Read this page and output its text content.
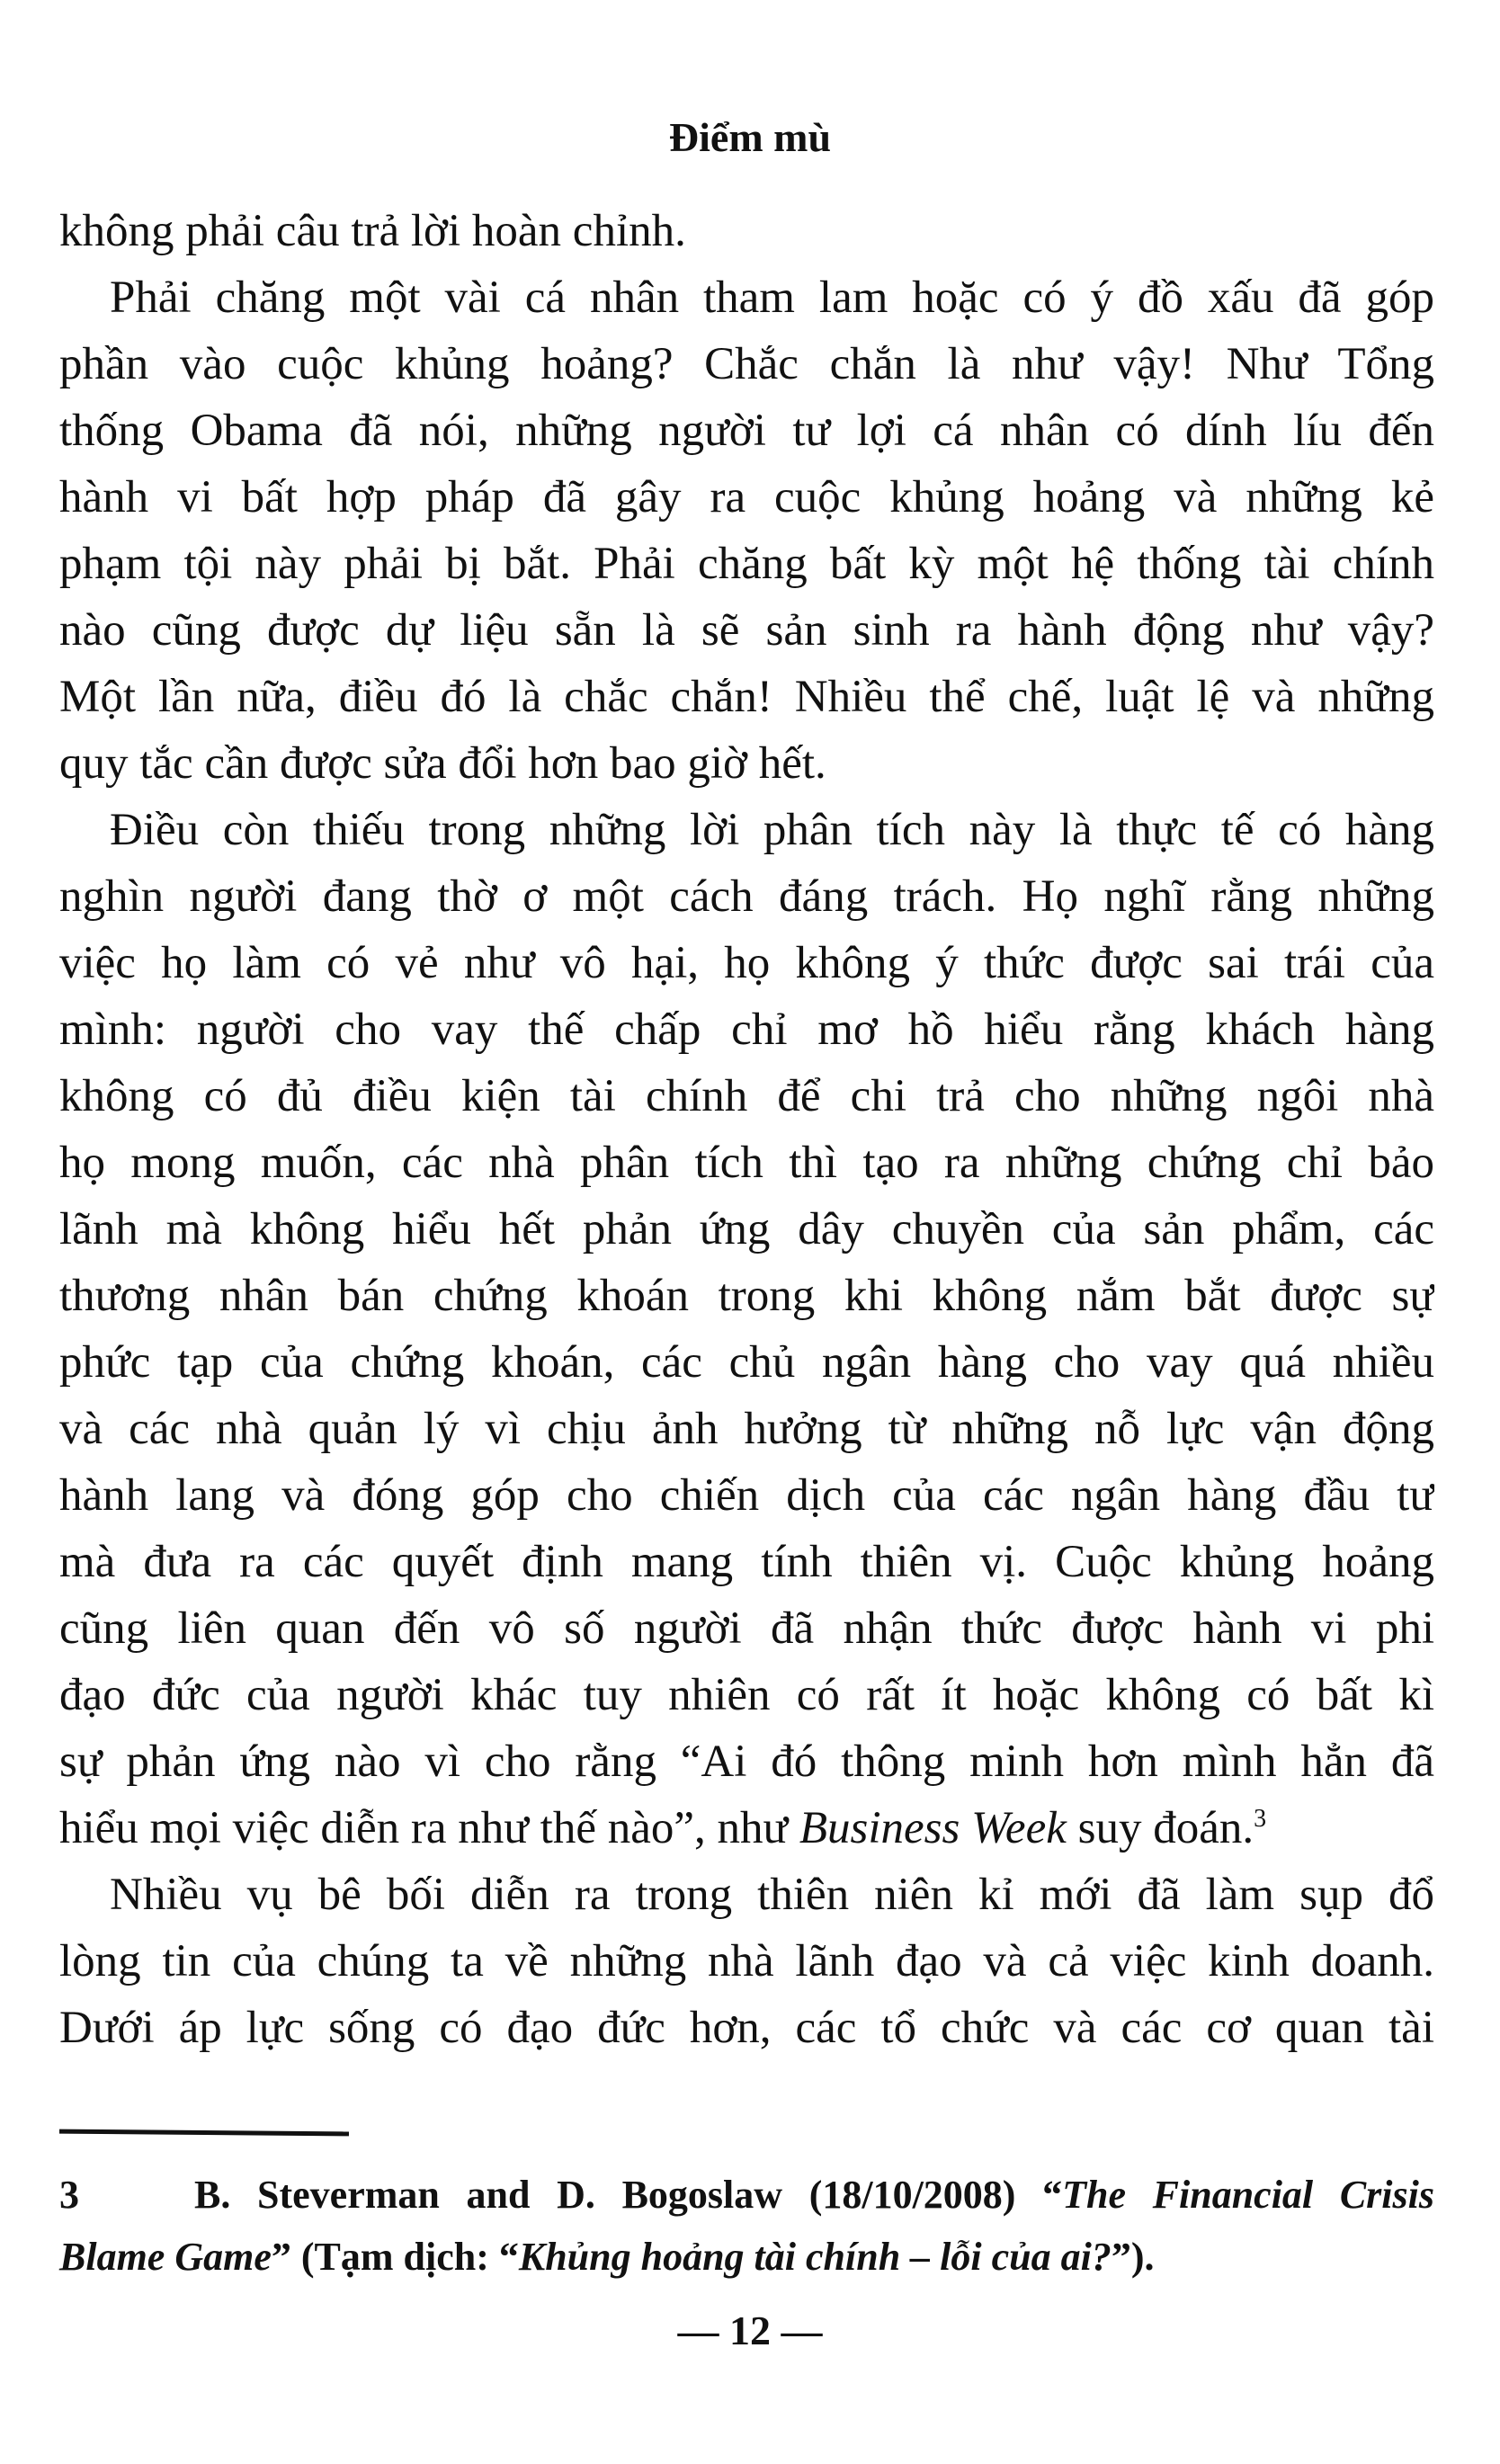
Điểm mù
không phải câu trả lời hoàn chỉnh.
Phải chăng một vài cá nhân tham lam hoặc có ý đồ xấu đã góp
phần vào cuộc khủng hoảng? Chắc chắn là như vậy! Như Tổng
thống Obama đã nói, những người tư lợi cá nhân có dính líu đến
hành vi bất hợp pháp đã gây ra cuộc khủng hoảng và những kẻ
phạm tội này phải bị bắt. Phải chăng bất kỳ một hệ thống tài chính
nào cũng được dự liệu sẵn là sẽ sản sinh ra hành động như vậy?
Một lần nữa, điều đó là chắc chắn! Nhiều thể chế, luật lệ và những
quy tắc cần được sửa đổi hơn bao giờ hết.
Điều còn thiếu trong những lời phân tích này là thực tế có hàng
nghìn người đang thờ ơ một cách đáng trách. Họ nghĩ rằng những
việc họ làm có vẻ như vô hại, họ không ý thức được sai trái của
mình: người cho vay thế chấp chỉ mơ hồ hiểu rằng khách hàng
không có đủ điều kiện tài chính để chi trả cho những ngôi nhà
họ mong muốn, các nhà phân tích thì tạo ra những chứng chỉ bảo
lãnh mà không hiểu hết phản ứng dây chuyền của sản phẩm, các
thương nhân bán chứng khoán trong khi không nắm bắt được sự
phức tạp của chứng khoán, các chủ ngân hàng cho vay quá nhiều
và các nhà quản lý vì chịu ảnh hưởng từ những nỗ lực vận động
hành lang và đóng góp cho chiến dịch của các ngân hàng đầu tư
mà đưa ra các quyết định mang tính thiên vị. Cuộc khủng hoảng
cũng liên quan đến vô số người đã nhận thức được hành vi phi
đạo đức của người khác tuy nhiên có rất ít hoặc không có bất kì
sự phản ứng nào vì cho rằng “Ai đó thông minh hơn mình hẳn đã
hiểu mọi việc diễn ra như thế nào”, như Business Week suy đoán.$^3$
Nhiều vụ bê bối diễn ra trong thiên niên kỉ mới đã làm sụp đổ
lòng tin của chúng ta về những nhà lãnh đạo và cả việc kinh doanh.
Dưới áp lực sống có đạo đức hơn, các tổ chức và các cơ quan tài
3	B. Steverman and D. Bogoslaw (18/10/2008) “The Financial Crisis
Blame Game” (Tạm dịch: “Khủng hoảng tài chính – lỗi của ai?”).
— 12 —
